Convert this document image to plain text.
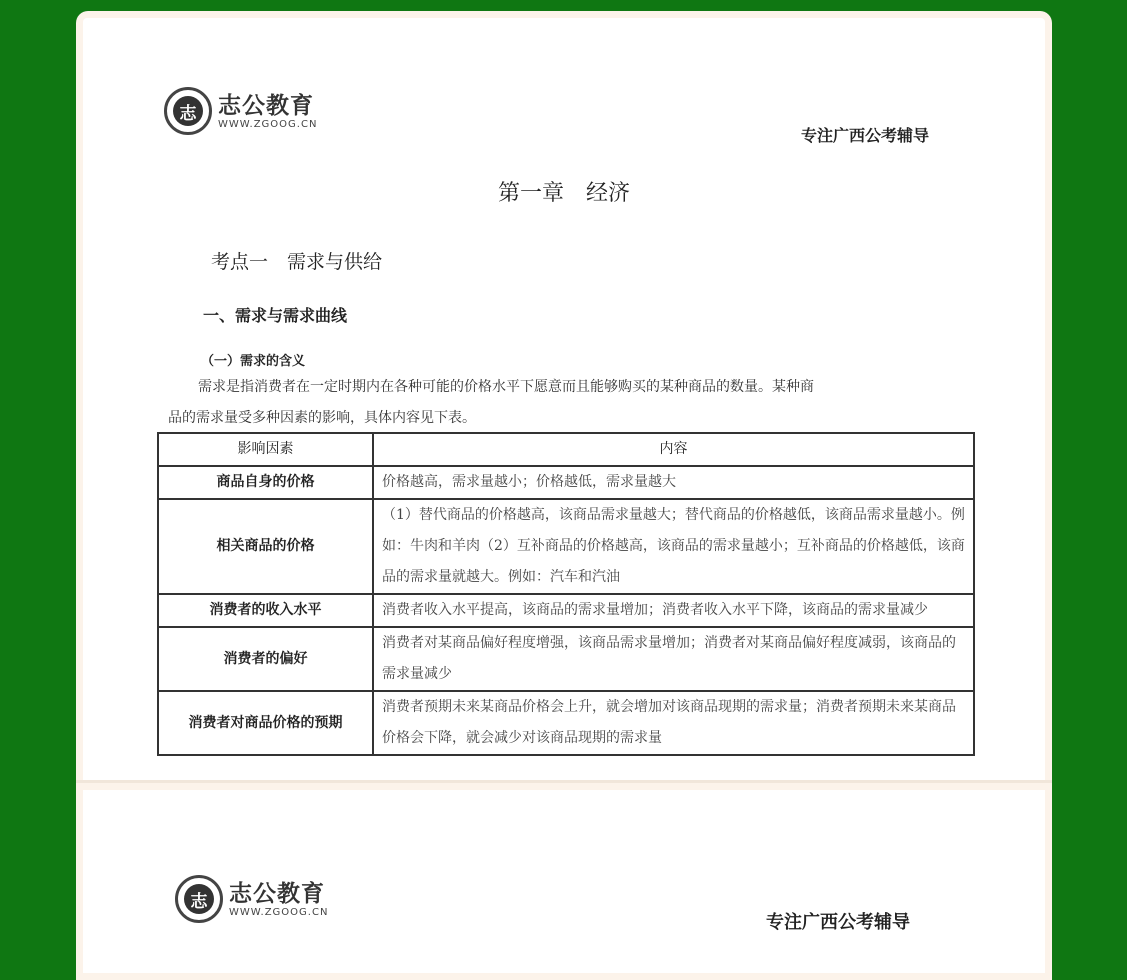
志 志公教育
WWW.ZGOOG.CN
专注广西公考辅导
第一章　经济
考点一　需求与供给
一、需求与需求曲线
（一）需求的含义
需求是指消费者在一定时期内在各种可能的价格水平下愿意而且能够购买的某种商品的数量。某种商
品的需求量受多种因素的影响，具体内容见下表。
影响因素	内容
商品自身的价格	价格越高，需求量越小；价格越低，需求量越大
相关商品的价格	（1）替代商品的价格越高，该商品需求量越大；替代商品的价格越低，该商品需求量越小。例如：牛肉和羊肉（2）互补商品的价格越高，该商品的需求量越小；互补商品的价格越低，该商品的需求量就越大。例如：汽车和汽油
消费者的收入水平	消费者收入水平提高，该商品的需求量增加；消费者收入水平下降，该商品的需求量减少
消费者的偏好	消费者对某商品偏好程度增强，该商品需求量增加；消费者对某商品偏好程度减弱，该商品的需求量减少
消费者对商品价格的预期	消费者预期未来某商品价格会上升，就会增加对该商品现期的需求量；消费者预期未来某商品价格会下降，就会减少对该商品现期的需求量
志 志公教育
WWW.ZGOOG.CN	专注广西公考辅导
